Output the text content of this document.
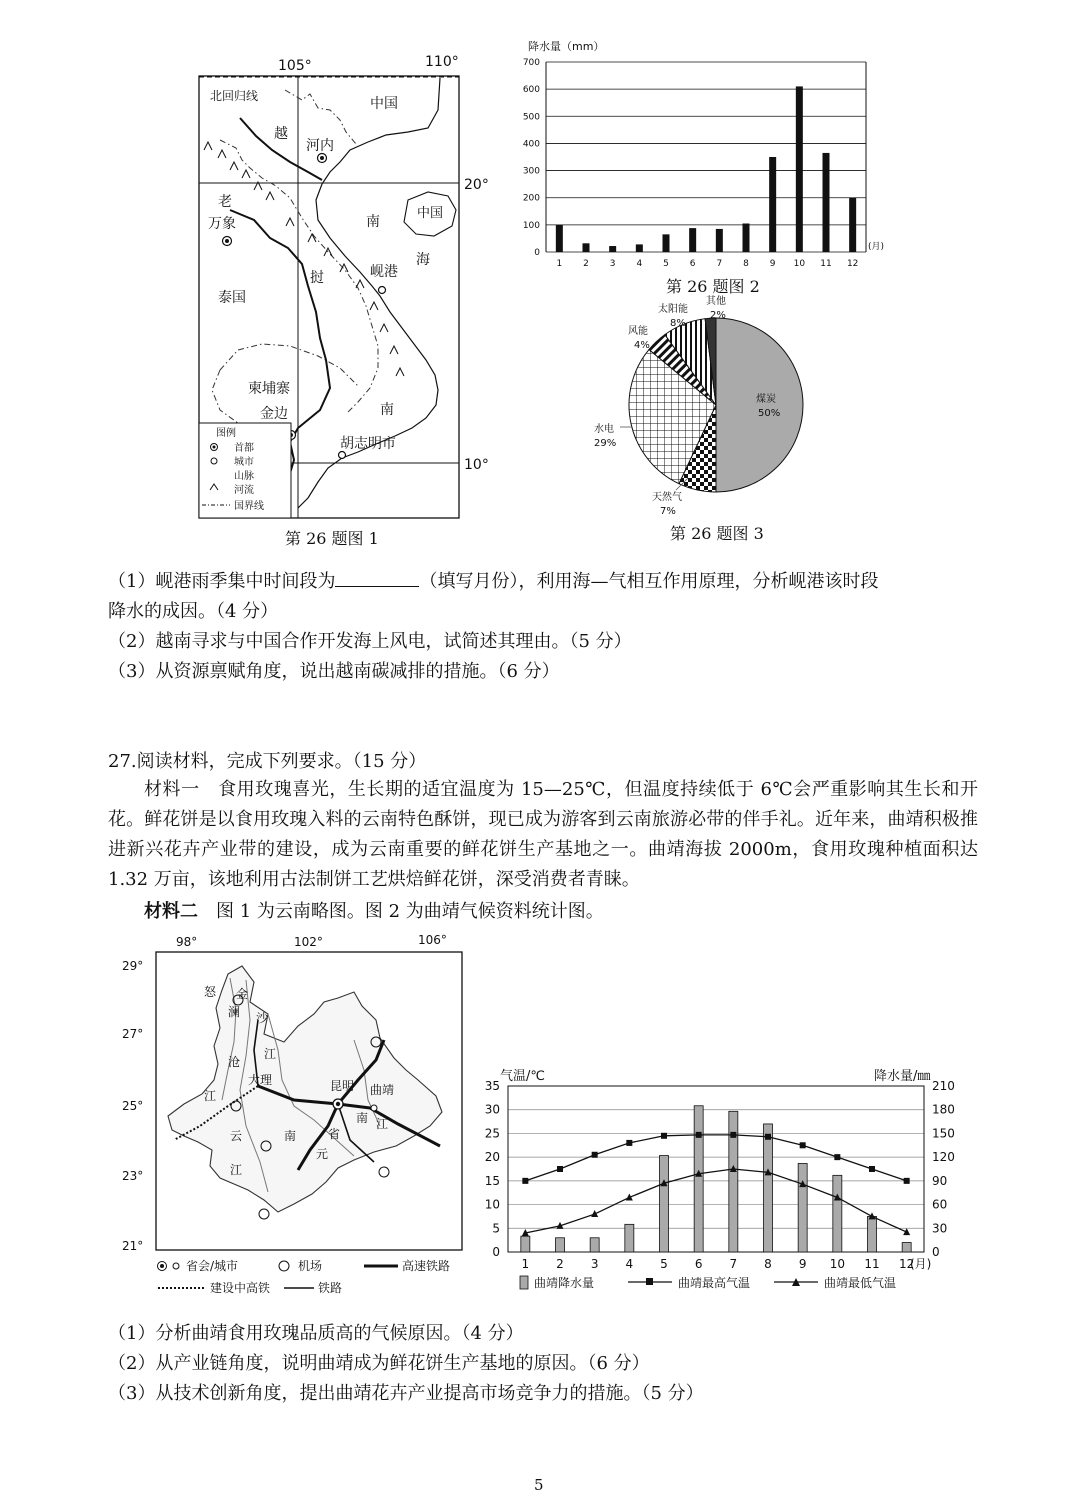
105°	110°
20°
10°
北回归线	中国
越
河内
老
万象	南
中国
海
挝	岘港
泰国
柬埔寨
南
金边
胡志明市
图例
首都
城市
山脉
河流
国界线
第 26 题图 1
降水量（mm）
0
100
200
300
400
500
600
700
1 2 3 4 5 6 7 8 9 10 11 12
(月)
第 26 题图 2
煤炭
50%
天然气
7%
水电
29%
风能
4%
太阳能
8%
其他
2%
第 26 题图 3
（1）岘港雨季集中时间段为	（填写月份），利用海—气相互作用原理，分析岘港该时段
降水的成因。（4 分）
（2）越南寻求与中国合作开发海上风电，试简述其理由。（5 分）
（3）从资源禀赋角度，说出越南碳减排的措施。（6 分）
27.阅读材料，完成下列要求。（15 分）
材料一　食用玫瑰喜光，生长期的适宜温度为 15—25℃，但温度持续低于 6℃会严重影响其生长和开花。鲜花饼是以食用玫瑰入料的云南特色酥饼，现已成为游客到云南旅游必带的伴手礼。近年来，曲靖积极推进新兴花卉产业带的建设，成为云南重要的鲜花饼生产基地之一。曲靖海拔 2000m，食用玫瑰种植面积达 1.32 万亩，该地利用古法制饼工艺烘焙鲜花饼，深受消费者青睐。
材料二　 图 1 为云南略图。图 2 为曲靖气候资料统计图。
98°	102°	106°
29°
27°
25°
23°
21°
怒 金
澜 沙
沧
江
大理	昆明 曲靖
江
云	南	省
元
江
南 江
省会/城市	机场	高速铁路
建设中高铁	铁路
气温/℃	降水量/㎜
0	0
5	30
10	60
15	90
20	120
25	150
30	180
35	210
1 2 3 4 5 6 7 8 9 10 11 12
(月)
曲靖降水量	曲靖最高气温	曲靖最低气温
（1）分析曲靖食用玫瑰品质高的气候原因。（4 分）
（2）从产业链角度，说明曲靖成为鲜花饼生产基地的原因。（6 分）
（3）从技术创新角度，提出曲靖花卉产业提高市场竞争力的措施。（5 分）
5
